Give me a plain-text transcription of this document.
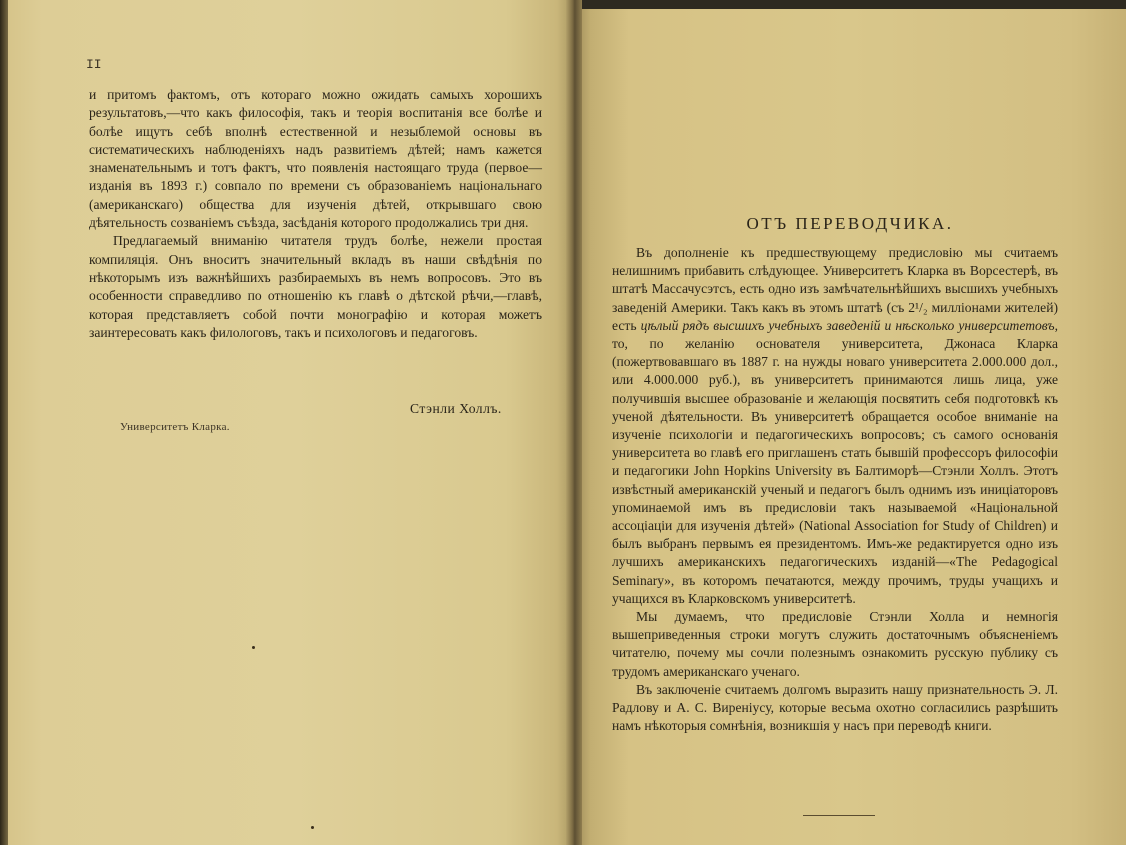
II

и притомъ фактомъ, отъ котораго можно ожидать самыхъ хорошихъ результатовъ,—что какъ философія, такъ и теорія воспитанія все болѣе и болѣе ищутъ себѣ вполнѣ естественной и незыблемой основы въ систематическихъ наблюденіяхъ надъ развитіемъ дѣтей; намъ кажется знаменательнымъ и тотъ фактъ, что появленія настоящаго труда (первое—изданія въ 1893 г.) совпало по времени съ образованіемъ національнаго (американскаго) общества для изученія дѣтей, открывшаго свою дѣятельность созваніемъ съѣзда, засѣданія которого продолжались три дня.

Предлагаемый вниманію читателя трудъ болѣе, нежели простая компиляція. Онъ вноситъ значительный вкладъ въ наши свѣдѣнія по нѣкоторымъ изъ важнѣйшихъ разбираемыхъ въ немъ вопросовъ. Это въ особенности справедливо по отношенію къ главѣ о дѣтской рѣчи,—главѣ, которая представляетъ собой почти монографію и которая можетъ заинтересовать какъ филологовъ, такъ и психологовъ и педагоговъ.

Стэнли Холлъ.
Университетъ Кларка.
ОТЪ ПЕРЕВОДЧИКА.

Въ дополненіе къ предшествующему предисловію мы считаемъ нелишнимъ прибавить слѣдующее. Университетъ Кларка въ Ворсестерѣ, въ штатѣ Массачусэтсъ, есть одно изъ замѣчательнѣйшихъ высшихъ учебныхъ заведеній Америки. Такъ какъ въ этомъ штатѣ (съ 2¹/₂ милліонами жителей) есть цѣлый рядъ высшихъ учебныхъ заведеній и нѣсколько университетовъ, то, по желанію основателя университета, Джонаса Кларка (пожертвовавшаго въ 1887 г. на нужды новаго университета 2.000.000 дол., или 4.000.000 руб.), въ университетъ принимаются лишь лица, уже получившія высшее образованіе и желающія посвятить себя подготовкѣ къ ученой дѣятельности. Въ университетѣ обращается особое вниманіе на изученіе психологіи и педагогическихъ вопросовъ; съ самого основанія университета во главѣ его приглашенъ стать бывшій профессоръ философіи и педагогики John Hopkins University въ Балтиморѣ—Стэнли Холлъ. Этотъ извѣстный американскій ученый и педагогъ былъ однимъ изъ иниціаторовъ упоминаемой имъ въ предисловіи такъ называемой «Національной ассоціаціи для изученія дѣтей» (National Association for Study of Children) и былъ выбранъ первымъ ея президентомъ. Имъ-же редактируется одно изъ лучшихъ американскихъ педагогическихъ изданій—«The Pedagogical Seminary», въ которомъ печатаются, между прочимъ, труды учащихъ и учащихся въ Кларковскомъ университетѣ.

Мы думаемъ, что предисловіе Стэнли Холла и немногія вышеприведенныя строки могутъ служить достаточнымъ объясненіемъ читателю, почему мы сочли полезнымъ ознакомить русскую публику съ трудомъ американскаго ученаго.

Въ заключеніе считаемъ долгомъ выразить нашу признательность Э. Л. Радлову и А. С. Виреніусу, которые весьма охотно согласились разрѣшить намъ нѣкоторыя сомнѣнія, возникшія у насъ при переводѣ книги.
